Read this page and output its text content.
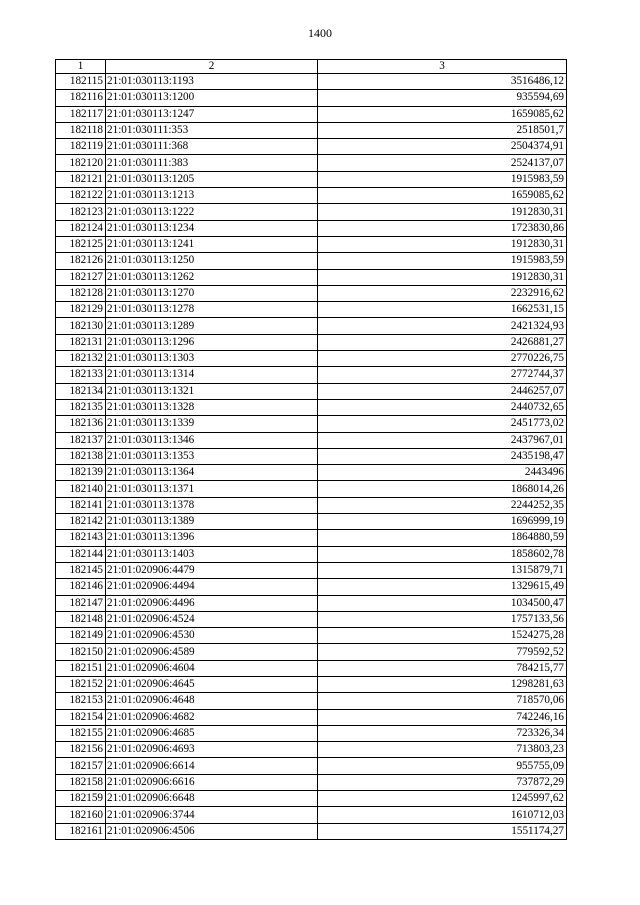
1400
1	2	3
182115	21:01:030113:1193	3516486,12
182116	21:01:030113:1200	935594,69
182117	21:01:030113:1247	1659085,62
182118	21:01:030111:353	2518501,7
182119	21:01:030111:368	2504374,91
182120	21:01:030111:383	2524137,07
182121	21:01:030113:1205	1915983,59
182122	21:01:030113:1213	1659085,62
182123	21:01:030113:1222	1912830,31
182124	21:01:030113:1234	1723830,86
182125	21:01:030113:1241	1912830,31
182126	21:01:030113:1250	1915983,59
182127	21:01:030113:1262	1912830,31
182128	21:01:030113:1270	2232916,62
182129	21:01:030113:1278	1662531,15
182130	21:01:030113:1289	2421324,93
182131	21:01:030113:1296	2426881,27
182132	21:01:030113:1303	2770226,75
182133	21:01:030113:1314	2772744,37
182134	21:01:030113:1321	2446257,07
182135	21:01:030113:1328	2440732,65
182136	21:01:030113:1339	2451773,02
182137	21:01:030113:1346	2437967,01
182138	21:01:030113:1353	2435198,47
182139	21:01:030113:1364	2443496
182140	21:01:030113:1371	1868014,26
182141	21:01:030113:1378	2244252,35
182142	21:01:030113:1389	1696999,19
182143	21:01:030113:1396	1864880,59
182144	21:01:030113:1403	1858602,78
182145	21:01:020906:4479	1315879,71
182146	21:01:020906:4494	1329615,49
182147	21:01:020906:4496	1034500,47
182148	21:01:020906:4524	1757133,56
182149	21:01:020906:4530	1524275,28
182150	21:01:020906:4589	779592,52
182151	21:01:020906:4604	784215,77
182152	21:01:020906:4645	1298281,63
182153	21:01:020906:4648	718570,06
182154	21:01:020906:4682	742246,16
182155	21:01:020906:4685	723326,34
182156	21:01:020906:4693	713803,23
182157	21:01:020906:6614	955755,09
182158	21:01:020906:6616	737872,29
182159	21:01:020906:6648	1245997,62
182160	21:01:020906:3744	1610712,03
182161	21:01:020906:4506	1551174,27
